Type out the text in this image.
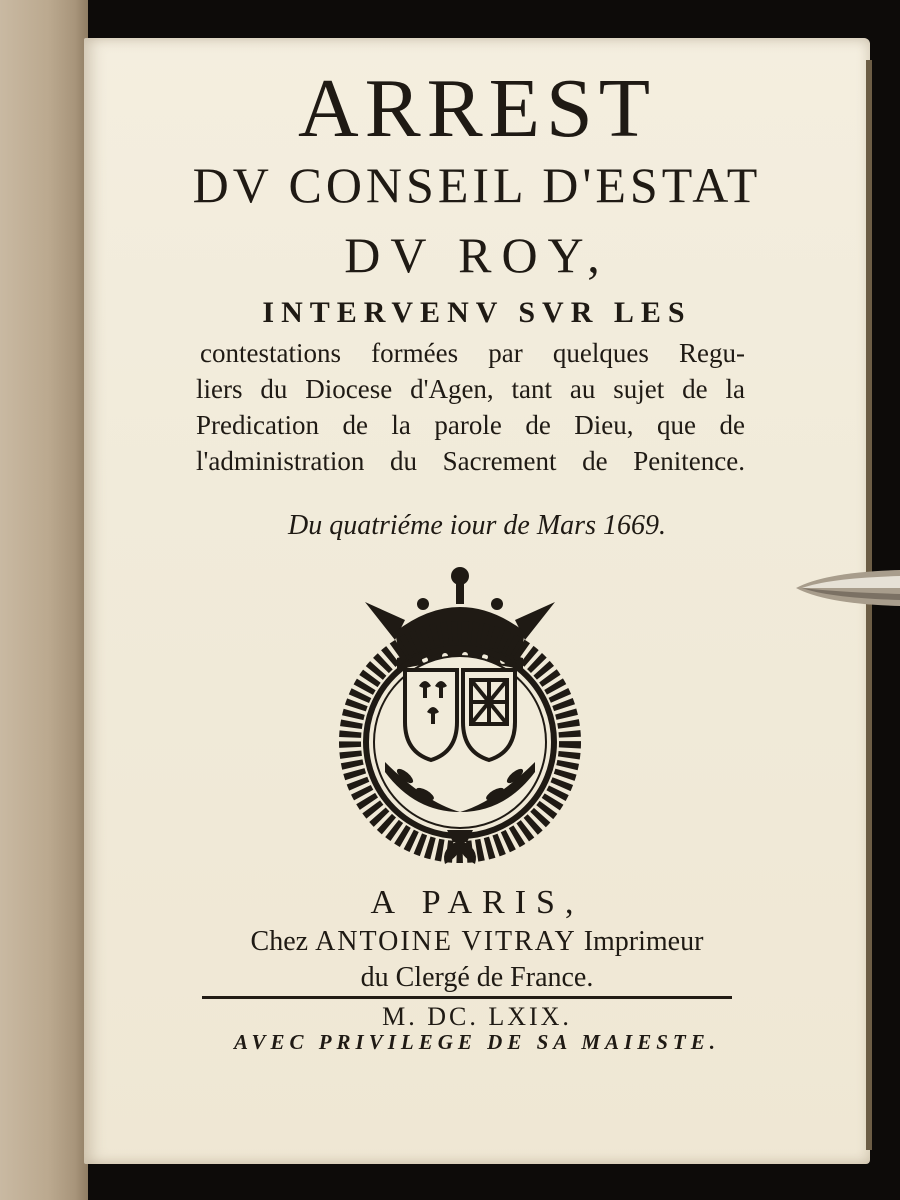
ARREST
DV CONSEIL D'ESTAT
DV ROY,
INTERVENV SVR LES
contestations formées par quelques Regu-
liers du Diocese d'Agen, tant au sujet de la
Predication de la parole de Dieu, que de
l'administration du Sacrement de Penitence.
Du quatriéme iour de Mars 1669.
A PARIS,
Chez ANTOINE VITRAY Imprimeur
du Clergé de France.
M. DC. LXIX.
AVEC PRIVILEGE DE SA MAIESTE.
